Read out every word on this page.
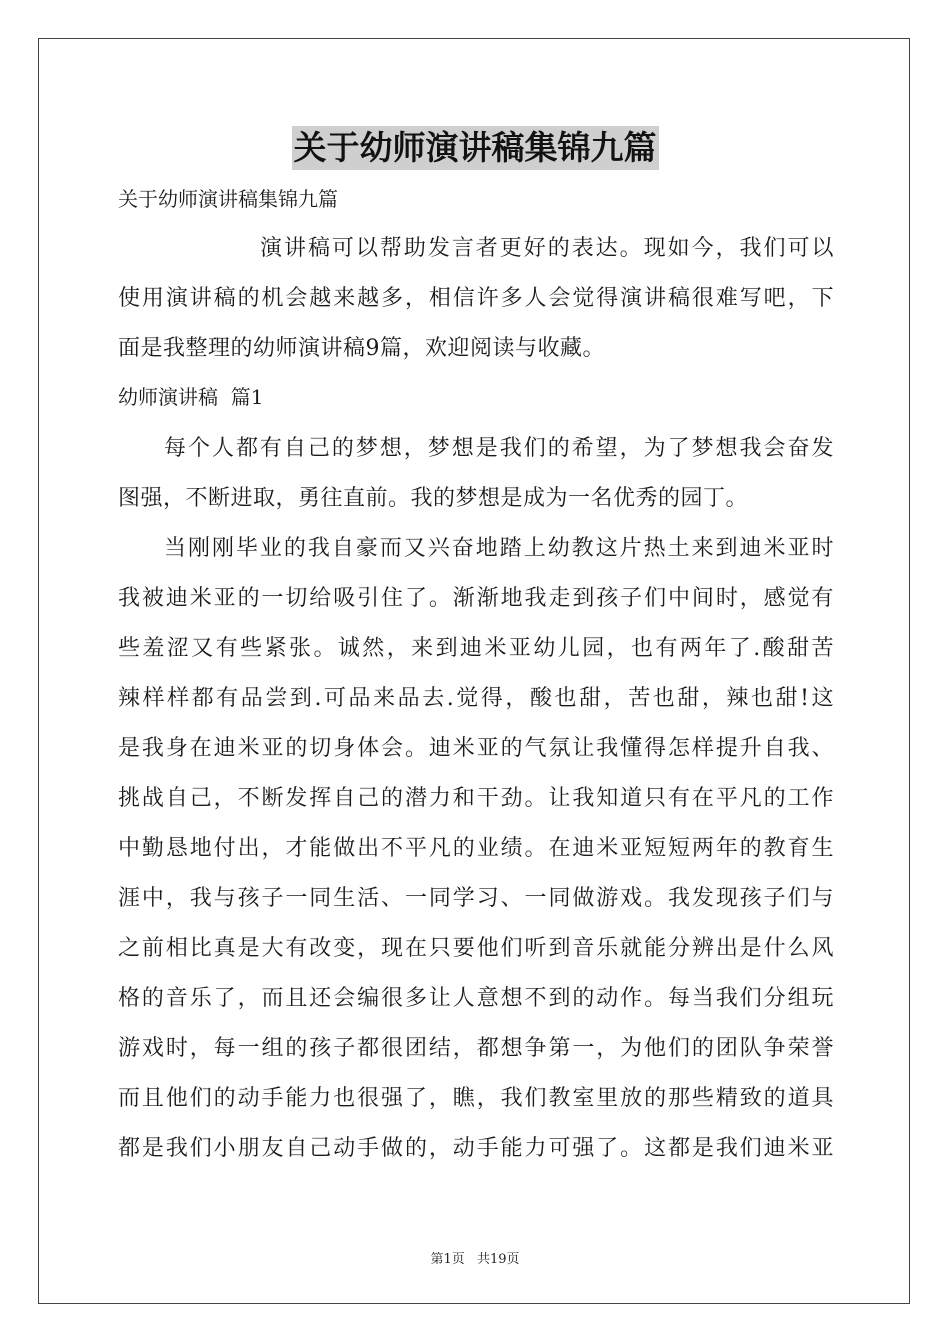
关于幼师演讲稿集锦九篇
关于幼师演讲稿集锦九篇
演讲稿可以帮助发言者更好的表达。现如今，我们可以
使用演讲稿的机会越来越多，相信许多人会觉得演讲稿很难写吧，下
面是我整理的幼师演讲稿9篇，欢迎阅读与收藏。
幼师演讲稿  篇1
每个人都有自己的梦想，梦想是我们的希望，为了梦想我会奋发
图强，不断进取，勇往直前。我的梦想是成为一名优秀的园丁。
当刚刚毕业的我自豪而又兴奋地踏上幼教这片热土来到迪米亚时
我被迪米亚的一切给吸引住了。渐渐地我走到孩子们中间时，感觉有
些羞涩又有些紧张。诚然，来到迪米亚幼儿园，也有两年了.酸甜苦
辣样样都有品尝到.可品来品去.觉得，酸也甜，苦也甜，辣也甜!这
是我身在迪米亚的切身体会。迪米亚的气氛让我懂得怎样提升自我、
挑战自己，不断发挥自己的潜力和干劲。让我知道只有在平凡的工作
中勤恳地付出，才能做出不平凡的业绩。在迪米亚短短两年的教育生
涯中，我与孩子一同生活、一同学习、一同做游戏。我发现孩子们与
之前相比真是大有改变，现在只要他们听到音乐就能分辨出是什么风
格的音乐了，而且还会编很多让人意想不到的动作。每当我们分组玩
游戏时，每一组的孩子都很团结，都想争第一，为他们的团队争荣誉
而且他们的动手能力也很强了，瞧，我们教室里放的那些精致的道具
都是我们小朋友自己动手做的，动手能力可强了。这都是我们迪米亚
第1页 共19页
